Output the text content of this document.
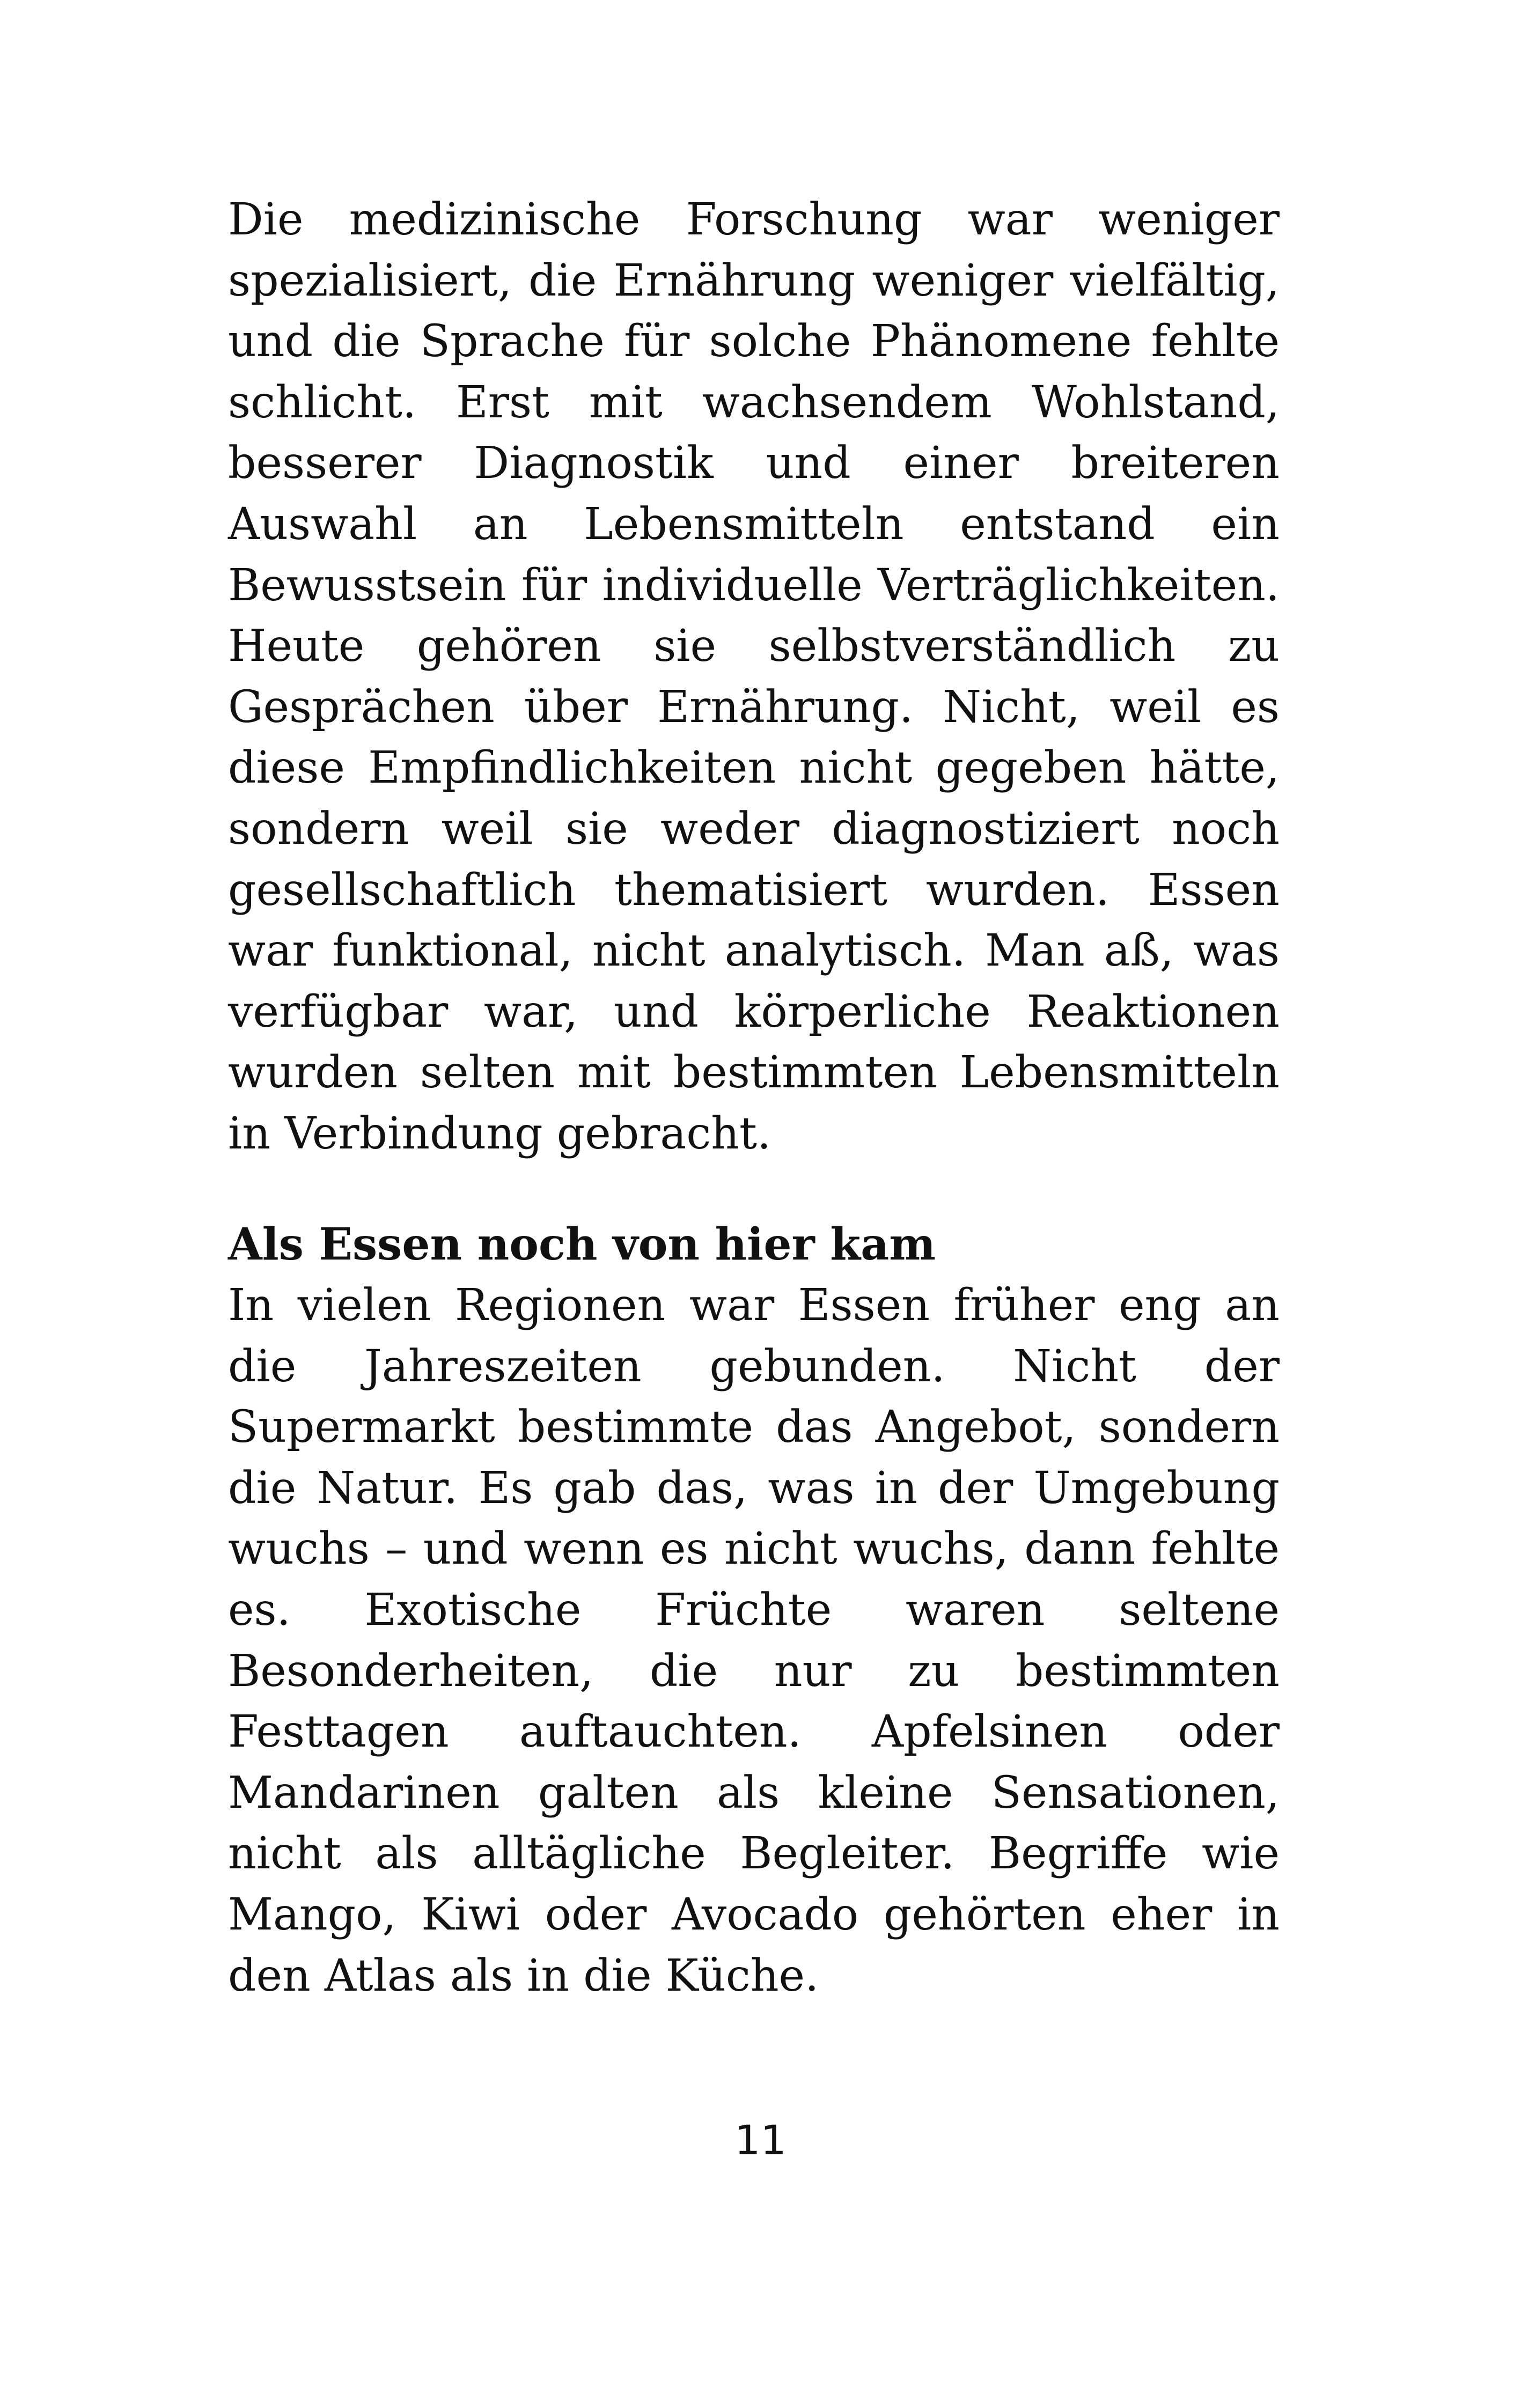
Die medizinische Forschung war weniger spezialisiert, die Ernährung weniger vielfältig, und die Sprache für solche Phänomene fehlte schlicht. Erst mit wachsendem Wohlstand, besserer Diagnostik und einer breiteren Auswahl an Lebensmitteln entstand ein Bewusstsein für individuelle Verträglichkeiten. Heute gehören sie selbstverständlich zu Gesprächen über Ernährung. Nicht, weil es diese Empfindlichkeiten nicht gegeben hätte, sondern weil sie weder diagnostiziert noch gesellschaftlich thematisiert wurden. Essen war funktional, nicht analytisch. Man aß, was verfügbar war, und körperliche Reaktionen wurden selten mit bestimmten Lebensmitteln in Verbindung gebracht.

Als Essen noch von hier kam

In vielen Regionen war Essen früher eng an die Jahreszeiten gebunden. Nicht der Supermarkt bestimmte das Angebot, sondern die Natur. Es gab das, was in der Umgebung wuchs – und wenn es nicht wuchs, dann fehlte es. Exotische Früchte waren seltene Besonderheiten, die nur zu bestimmten Festtagen auftauchten. Apfelsinen oder Mandarinen galten als kleine Sensationen, nicht als alltägliche Begleiter. Begriffe wie Mango, Kiwi oder Avocado gehörten eher in den Atlas als in die Küche.

11
